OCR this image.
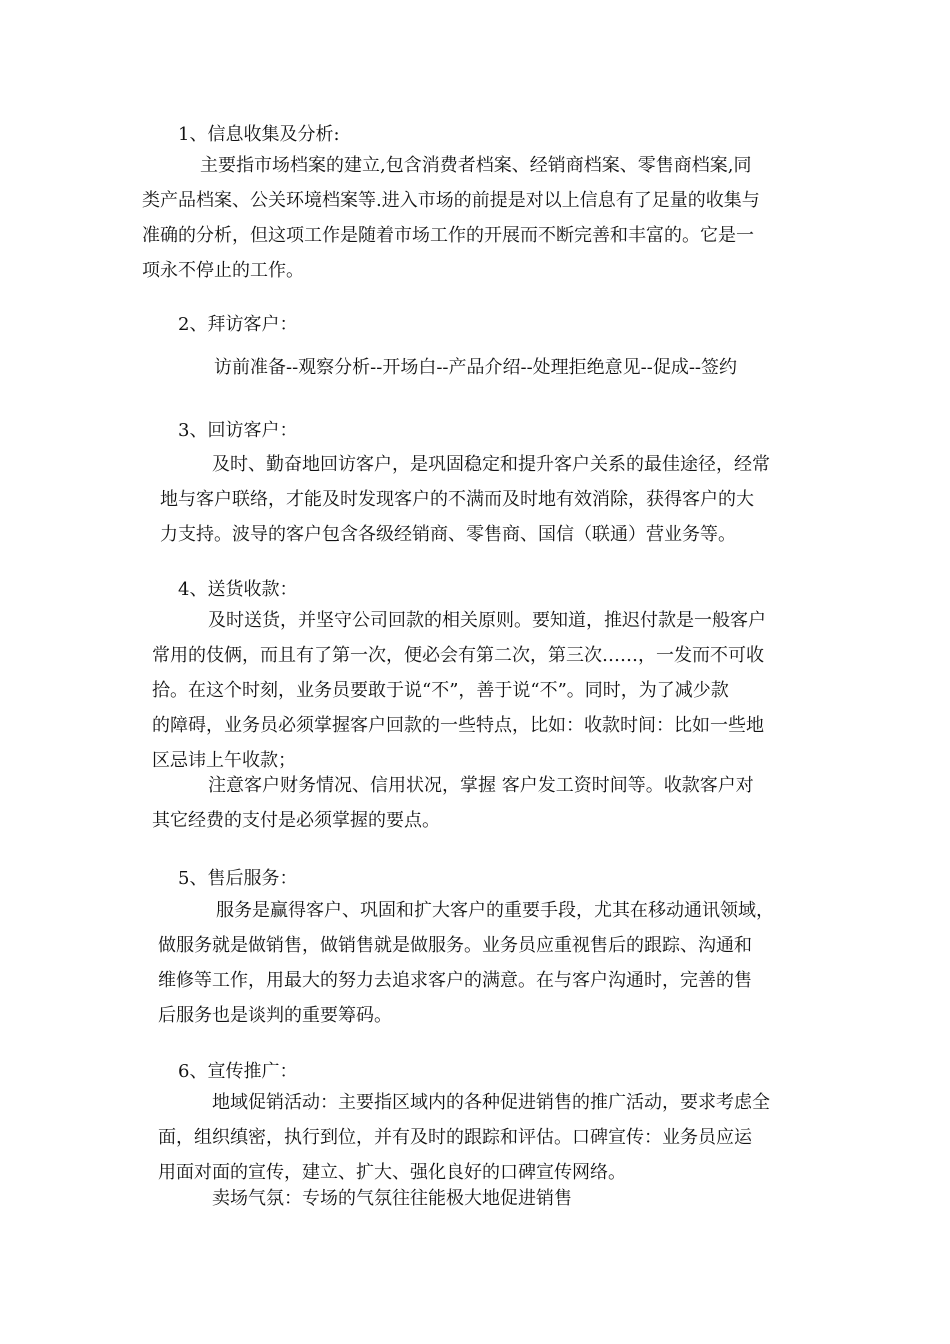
1、信息收集及分析:
主要指市场档案的建立,包含消费者档案、经销商档案、零售商档案,同
类产品档案、公关环境档案等.进入市场的前提是对以上信息有了足量的收集与
准确的分析，但这项工作是随着市场工作的开展而不断完善和丰富的。它是一
项永不停止的工作。
2、拜访客户：
访前准备--观察分析--开场白--产品介绍--处理拒绝意见--促成--签约
3、回访客户：
及时、勤奋地回访客户，是巩固稳定和提升客户关系的最佳途径，经常
地与客户联络，才能及时发现客户的不满而及时地有效消除，获得客户的大
力支持。波导的客户包含各级经销商、零售商、国信（联通）营业务等。
4、送货收款：
及时送货，并坚守公司回款的相关原则。要知道，推迟付款是一般客户
常用的伎俩，而且有了第一次，便必会有第二次，第三次……，一发而不可收
拾。在这个时刻，业务员要敢于说“不”，善于说“不”。同时，为了减少款
的障碍，业务员必须掌握客户回款的一些特点，比如：收款时间：比如一些地
区忌讳上午收款；
注意客户财务情况、信用状况，掌握 客户发工资时间等。收款客户对
其它经费的支付是必须掌握的要点。
5、售后服务：
服务是赢得客户、巩固和扩大客户的重要手段，尤其在移动通讯领域，
做服务就是做销售，做销售就是做服务。业务员应重视售后的跟踪、沟通和
维修等工作，用最大的努力去追求客户的满意。在与客户沟通时，完善的售
后服务也是谈判的重要筹码。
6、宣传推广：
地域促销活动：主要指区域内的各种促进销售的推广活动，要求考虑全
面，组织缜密，执行到位，并有及时的跟踪和评估。口碑宣传：业务员应运
用面对面的宣传，建立、扩大、强化良好的口碑宣传网络。
卖场气氛：专场的气氛往往能极大地促进销售
